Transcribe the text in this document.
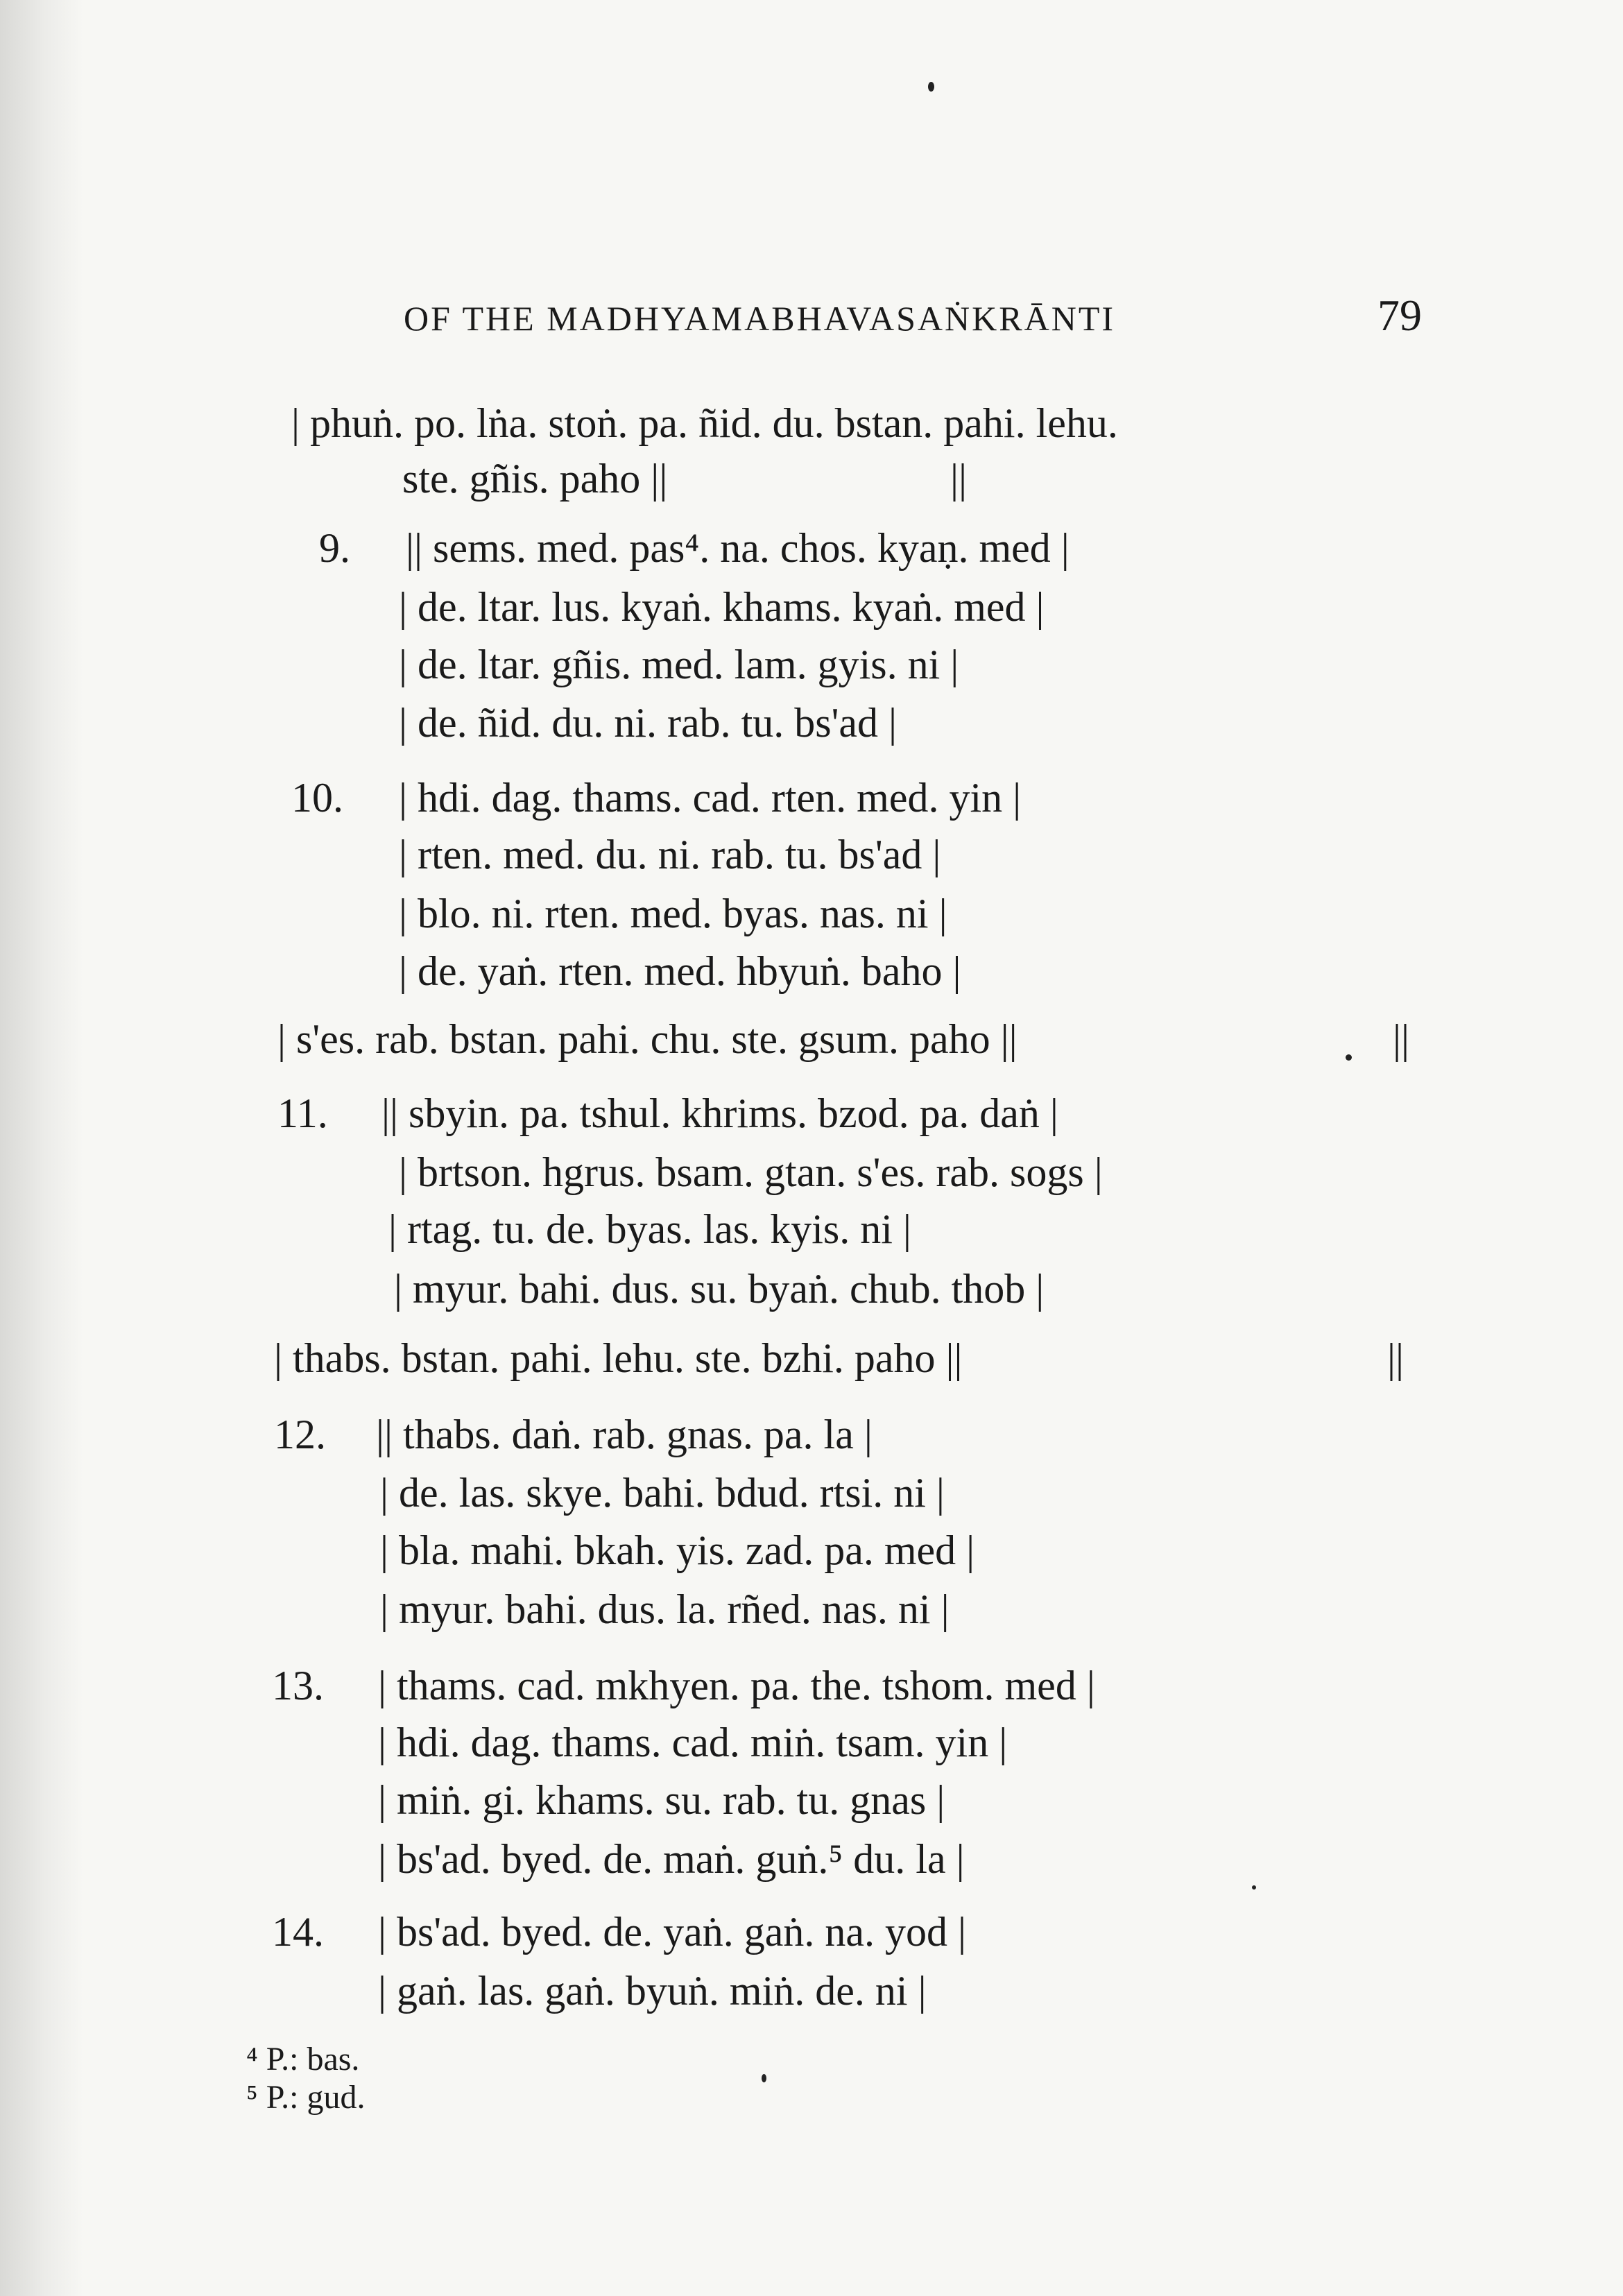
OF THE MADHYAMABHAVASAṄKRĀNTI	79
| phuṅ. po. lṅa. stoṅ. pa. ñid. du. bstan. pahi. lehu.
ste. gñis. paho ||	||
9. || sems. med. pas⁴. na. chos. kyaṇ. med |
| de. ltar. lus. kyaṅ. khams. kyaṅ. med |
| de. ltar. gñis. med. lam. gyis. ni |
| de. ñid. du. ni. rab. tu. bs'ad |
10. | hdi. dag. thams. cad. rten. med. yin |
| rten. med. du. ni. rab. tu. bs'ad |
| blo. ni. rten. med. byas. nas. ni |
| de. yaṅ. rten. med. hbyuṅ. baho |
| s'es. rab. bstan. pahi. chu. ste. gsum. paho ||	||
11. || sbyin. pa. tshul. khrims. bzod. pa. daṅ |
| brtson. hgrus. bsam. gtan. s'es. rab. sogs |
| rtag. tu. de. byas. las. kyis. ni |
| myur. bahi. dus. su. byaṅ. chub. thob |
| thabs. bstan. pahi. lehu. ste. bzhi. paho ||	||
12. || thabs. daṅ. rab. gnas. pa. la |
| de. las. skye. bahi. bdud. rtsi. ni |
| bla. mahi. bkah. yis. zad. pa. med |
| myur. bahi. dus. la. rñed. nas. ni |
13. | thams. cad. mkhyen. pa. the. tshom. med |
| hdi. dag. thams. cad. miṅ. tsam. yin |
| miṅ. gi. khams. su. rab. tu. gnas |
| bs'ad. byed. de. maṅ. guṅ.⁵ du. la |
14. | bs'ad. byed. de. yaṅ. gaṅ. na. yod |
| gaṅ. las. gaṅ. byuṅ. miṅ. de. ni |
⁴ P.: bas.
⁵ P.: gud.
